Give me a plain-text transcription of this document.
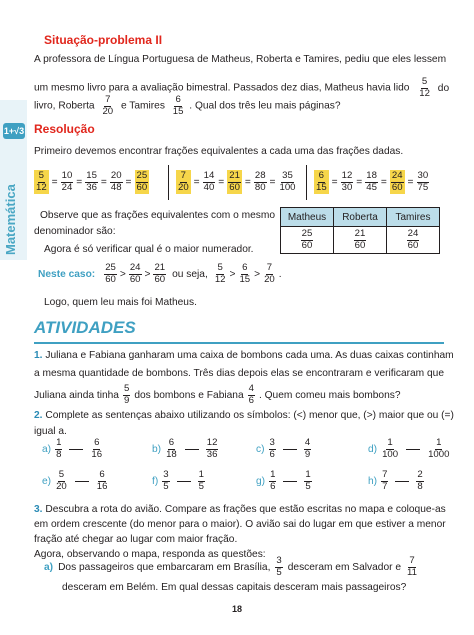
1+√3
Situação-problema II
A professora de Língua Portuguesa de Matheus, Roberta e Tamires, pediu que eles lessem
um mesmo livro para a avaliação bimestral. Passados dez dias, Matheus havia lido $\frac{5}{12}$ do
livro, Roberta $\frac{7}{20}$ e Tamires $\frac{6}{15}$ . Qual dos três leu mais páginas?
Resolução
Primeiro devemos encontrar frações equivalentes a cada uma das frações dadas.
$\frac{5}{12} = \frac{10}{24} = \frac{15}{36} = \frac{20}{48} = \frac{25}{60}$	$\frac{7}{20} = \frac{14}{40} = \frac{21}{60} = \frac{28}{80} = \frac{35}{100} \frac{6}{15} = \frac{12}{30} = \frac{18}{45} = \frac{24}{60} = \frac{30}{75}$
Observe que as frações equivalentes com o mesmo
denominador são:
Agora é só verificar qual é o maior numerador.
Matheus	Roberta	Tamires

$\frac{25}{60}$	$\frac{21}{60}$	$\frac{24}{60}$
Neste caso: $\frac{25}{60} > \frac{24}{60} > \frac{21}{60}$ ou seja, $\frac{5}{12} > \frac{6}{15} > \frac{7}{20}$ .
Logo, quem leu mais foi Matheus.
ATIVIDADES
1. Juliana e Fabiana ganharam uma caixa de bombons cada uma. As duas caixas continham
a mesma quantidade de bombons. Três dias depois elas se encontraram e verificaram que
Juliana ainda tinha $\frac{5}{9}$ dos bombons e Fabiana $\frac{4}{6}$ . Quem comeu mais bombons?
2. Complete as sentenças abaixo utilizando os símbolos: (<) menor que, (>) maior que ou (=)
igual a.
$a) \frac{1}{8}$	$\frac{6}{16}$	$b) \frac{6}{18}$	$\frac{12}{36}$	$c) \frac{3}{6}$	$\frac{4}{9}$	$d) \frac{1}{100}$	$\frac{1}{1000}$
$e) \frac{5}{20}$	$\frac{6}{16}$	$f) \frac{3}{5}$	$\frac{1}{5}$	$g) \frac{1}{6}$	$\frac{1}{5}$	$h) \frac{7}{7}$	$\frac{2}{8}$
3. Descubra a rota do avião. Compare as frações que estão escritas no mapa e coloque-as
em ordem crescente (do menor para o maior). O avião sai do lugar em que estiver a menor
fração até chegar ao lugar com maior fração.
Agora, observando o mapa, responda as questões:
a) Dos passageiros que embarcaram em Brasília, $\frac{3}{5}$ desceram em Salvador e $\frac{7}{11}$
desceram em Belém. Em qual dessas capitais desceram mais passageiros?
18
